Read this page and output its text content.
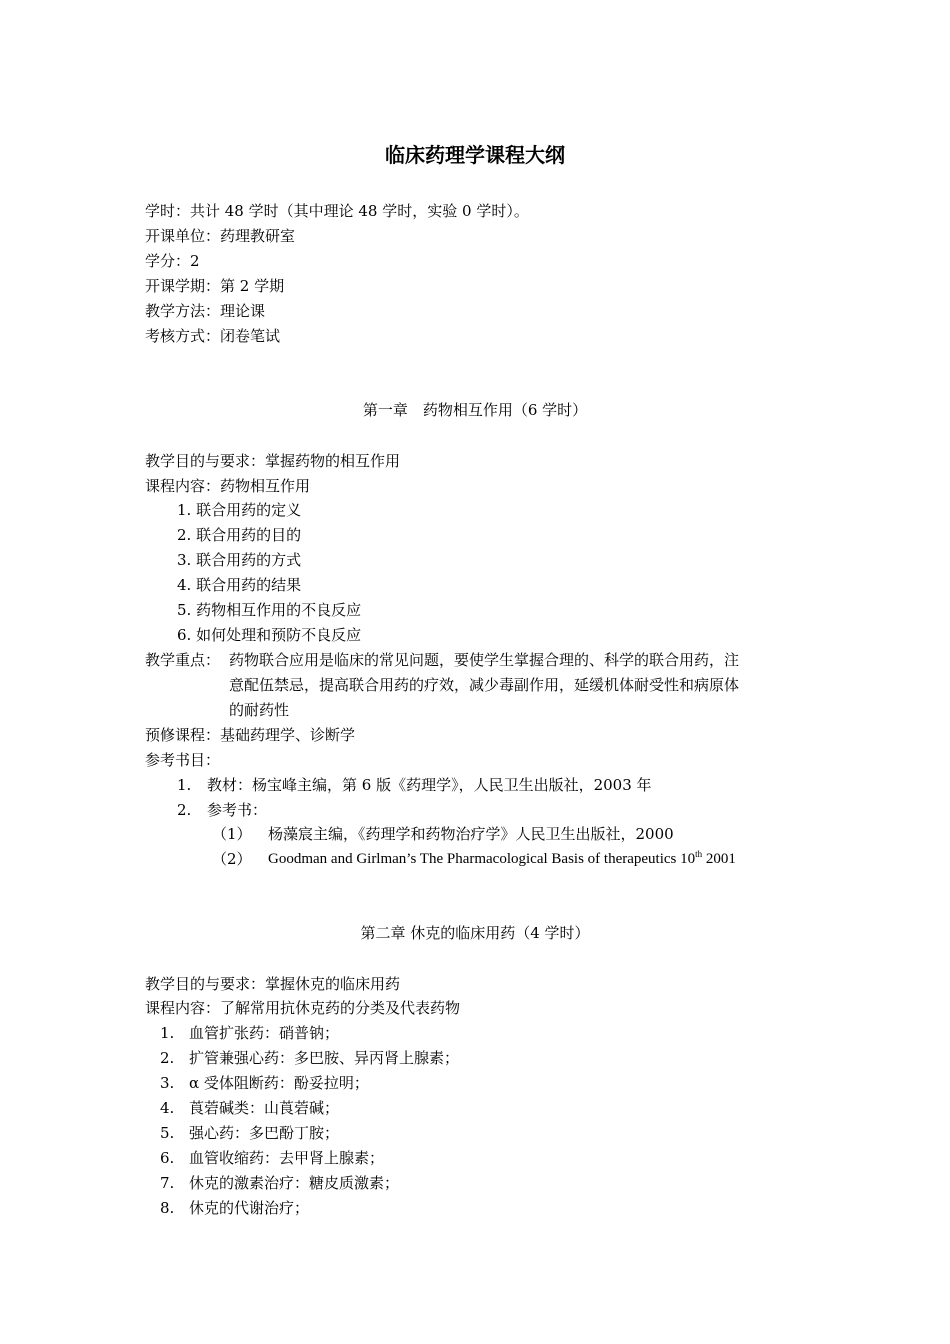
临床药理学课程大纲
学时：共计 48 学时（其中理论 48 学时，实验 0 学时）。
开课单位：药理教研室
学分：2
开课学期：第 2 学期
教学方法：理论课
考核方式：闭卷笔试
第一章　药物相互作用（6 学时）
教学目的与要求：掌握药物的相互作用
课程内容：药物相互作用
1. 联合用药的定义
2. 联合用药的目的
3. 联合用药的方式
4. 联合用药的结果
5. 药物相互作用的不良反应
6. 如何处理和预防不良反应
教学重点： 药物联合应用是临床的常见问题，要使学生掌握合理的、科学的联合用药，注
意配伍禁忌，提高联合用药的疗效，减少毒副作用，延缓机体耐受性和病原体
的耐药性
预修课程：基础药理学、诊断学
参考书目：
1. 教材：杨宝峰主编，第 6 版《药理学》，人民卫生出版社，2003 年
2. 参考书：
（1） 杨藻宸主编，《药理学和药物治疗学》人民卫生出版社，2000
（2） Goodman and Girlman’s The Pharmacological Basis of therapeutics 10th 2001
第二章 休克的临床用药（4 学时）
教学目的与要求：掌握休克的临床用药
课程内容：了解常用抗休克药的分类及代表药物
1. 血管扩张药：硝普钠；
2. 扩管兼强心药：多巴胺、异丙肾上腺素；
3. α 受体阻断药：酚妥拉明；
4. 莨菪碱类：山莨菪碱；
5. 强心药：多巴酚丁胺；
6. 血管收缩药：去甲肾上腺素；
7. 休克的激素治疗：糖皮质激素；
8. 休克的代谢治疗；
